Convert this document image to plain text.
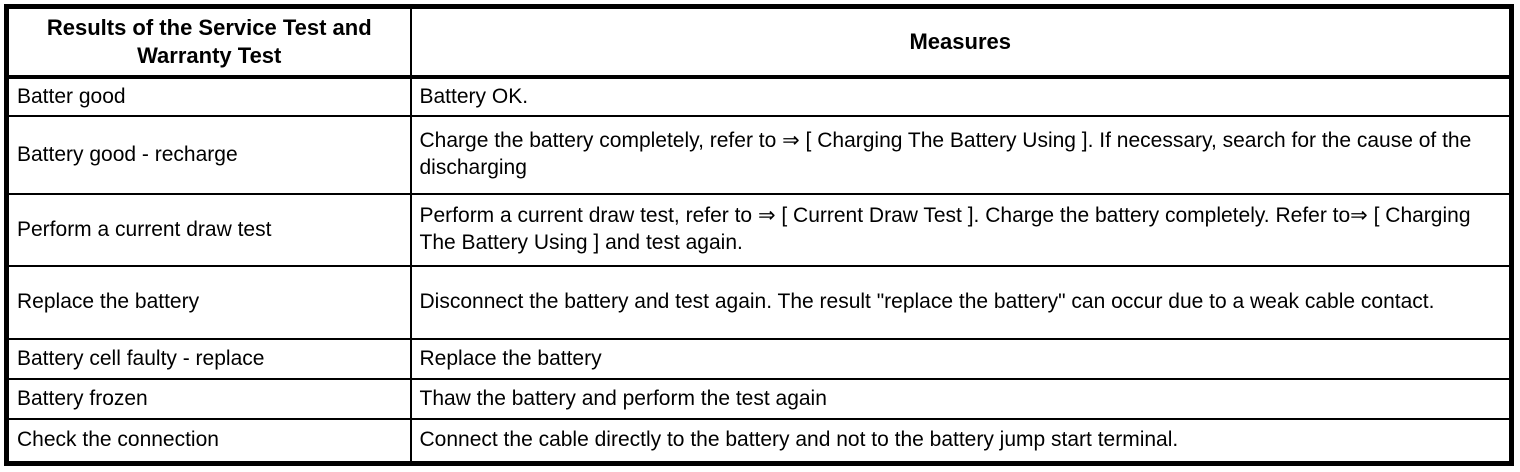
Results of the Service Test and Warranty Test	Measures
Batter good	Battery OK.
Battery good - recharge	Charge the battery completely, refer to ⇒ [ Charging The Battery Using ]. If necessary, search for the cause of the discharging
Perform a current draw test	Perform a current draw test, refer to ⇒ [ Current Draw Test ]. Charge the battery completely. Refer to⇒ [ Charging The Battery Using ] and test again.
Replace the battery	Disconnect the battery and test again. The result "replace the battery" can occur due to a weak cable contact.
Battery cell faulty - replace	Replace the battery
Battery frozen	Thaw the battery and perform the test again
Check the connection	Connect the cable directly to the battery and not to the battery jump start terminal.
